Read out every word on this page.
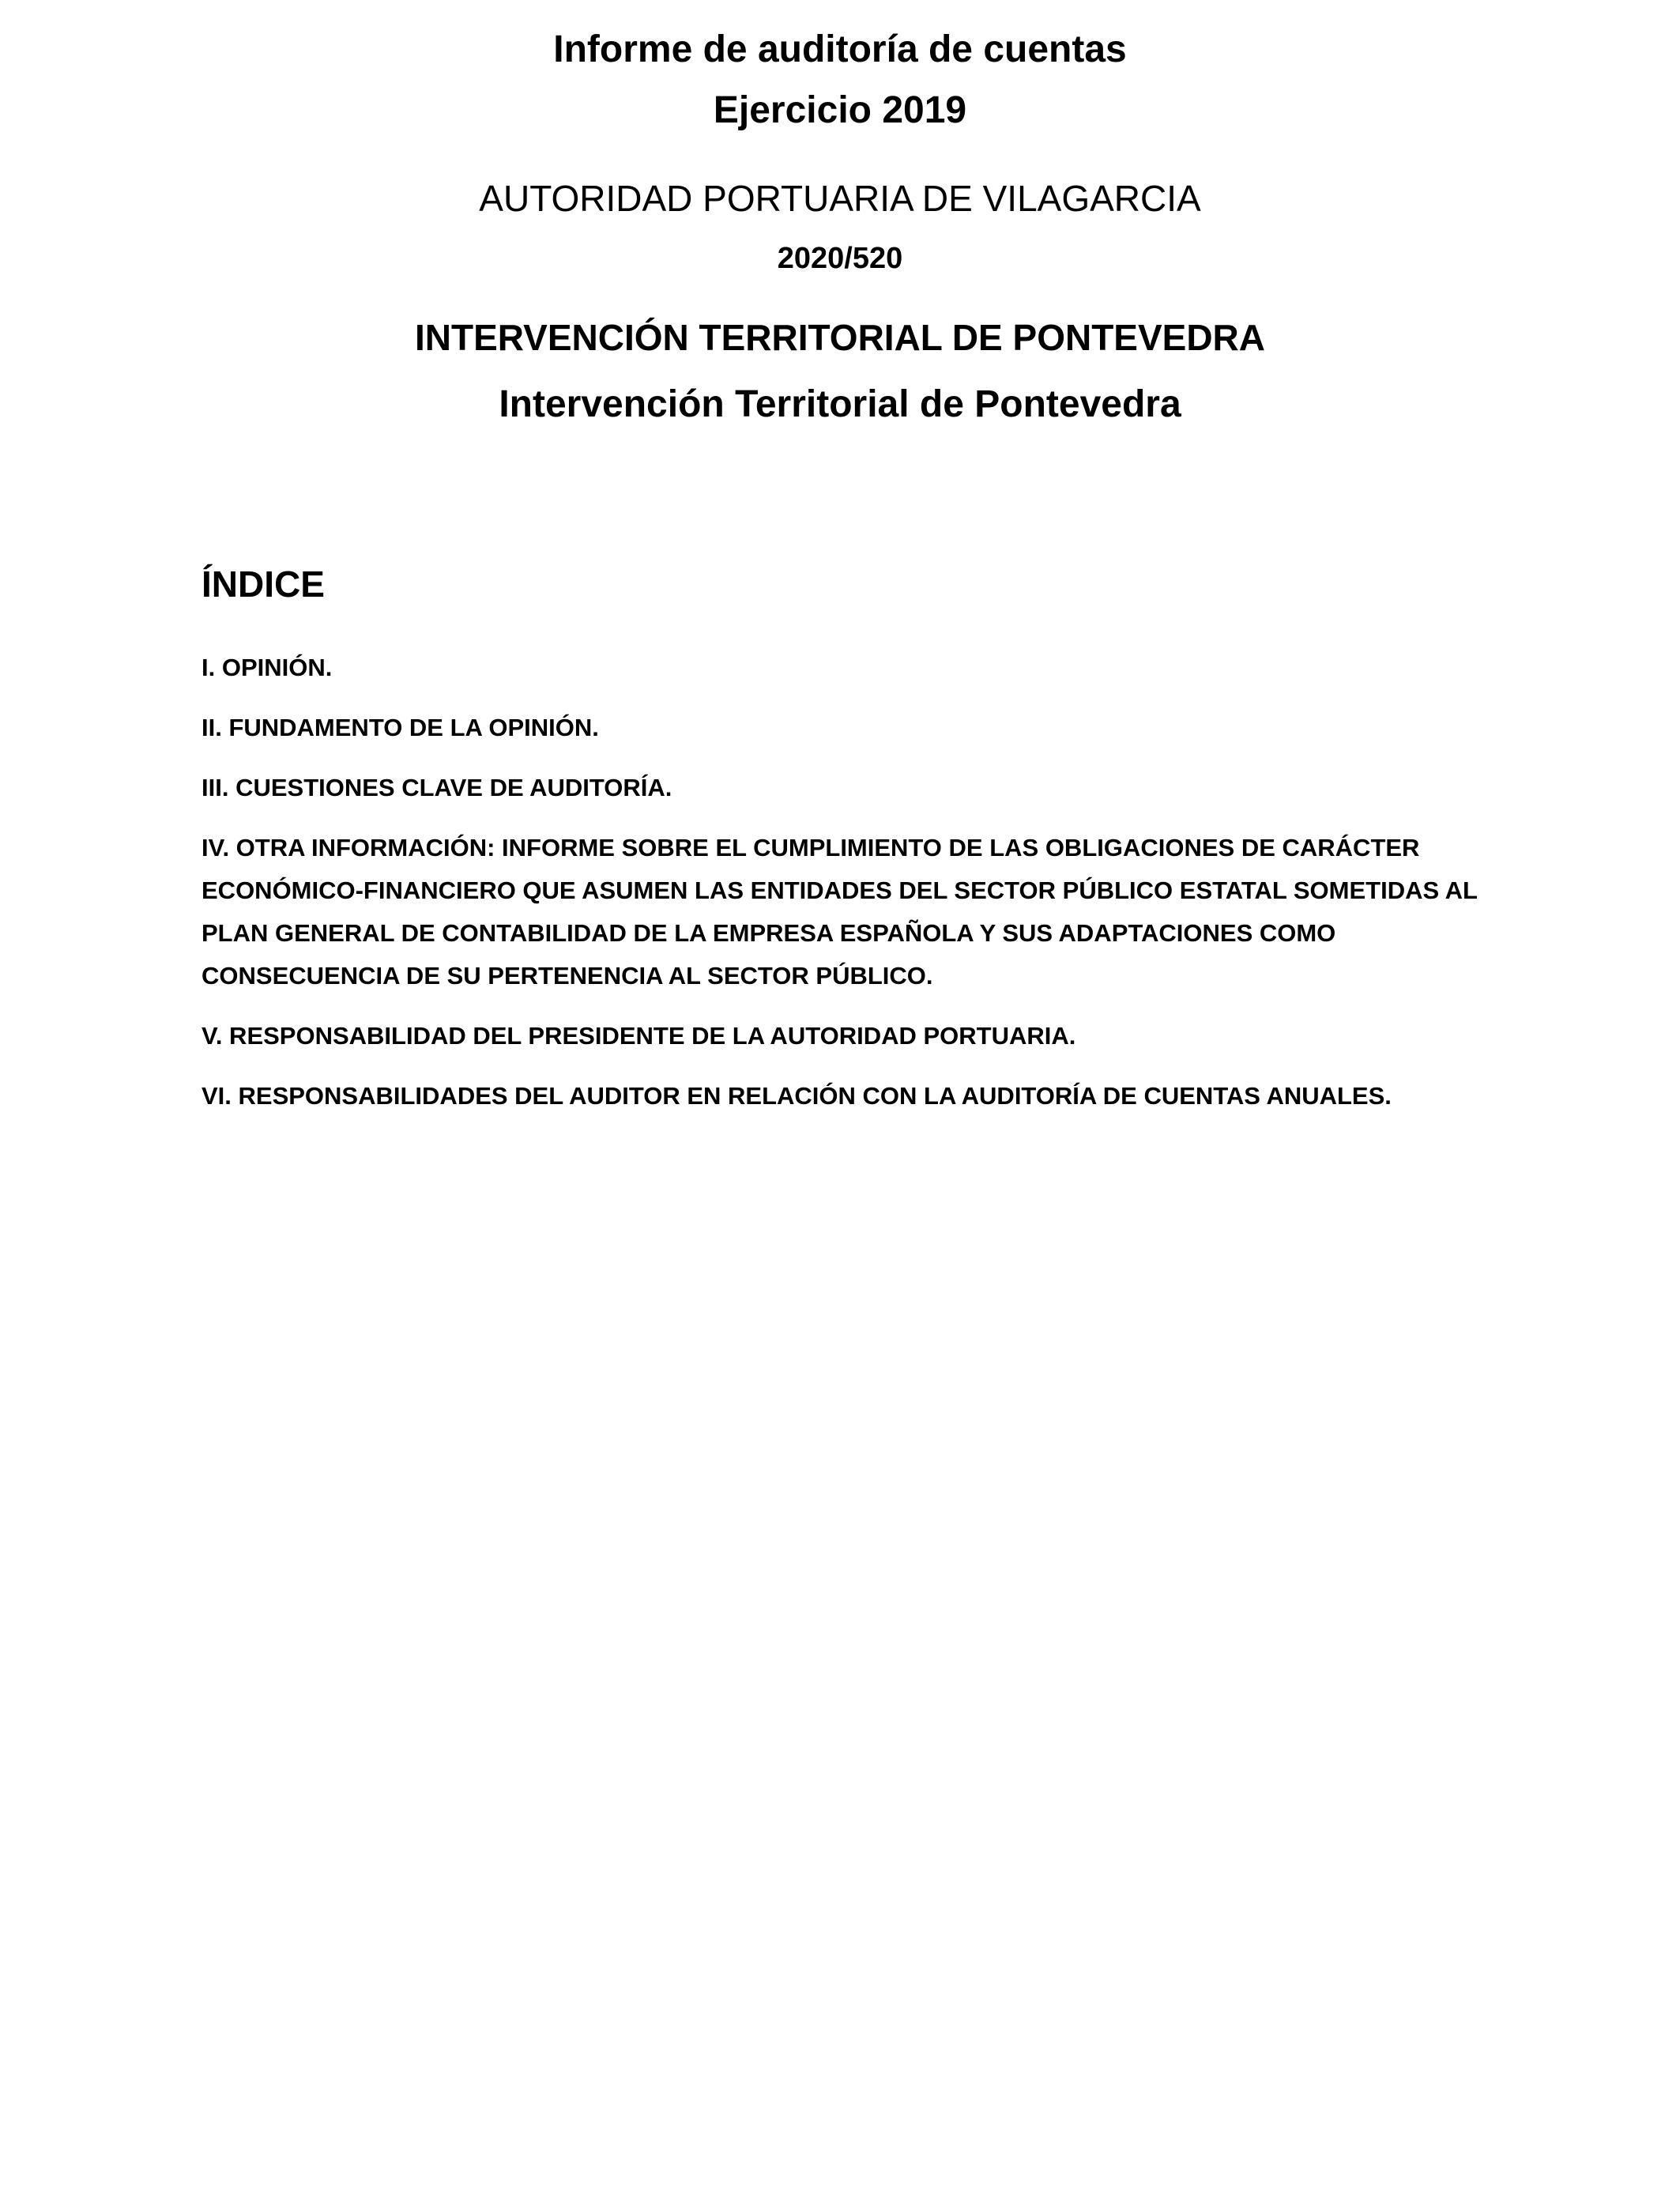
Informe de auditoría de cuentas
Ejercicio 2019
AUTORIDAD PORTUARIA DE VILAGARCIA
2020/520
INTERVENCIÓN TERRITORIAL DE PONTEVEDRA
Intervención Territorial de Pontevedra
ÍNDICE
I. OPINIÓN.
II. FUNDAMENTO DE LA OPINIÓN.
III. CUESTIONES CLAVE DE AUDITORÍA.
IV. OTRA INFORMACIÓN: INFORME SOBRE EL CUMPLIMIENTO DE LAS OBLIGACIONES DE CARÁCTER ECONÓMICO-FINANCIERO QUE ASUMEN LAS ENTIDADES DEL SECTOR PÚBLICO ESTATAL SOMETIDAS AL PLAN GENERAL DE CONTABILIDAD DE LA EMPRESA ESPAÑOLA Y SUS ADAPTACIONES COMO CONSECUENCIA DE SU PERTENENCIA AL SECTOR PÚBLICO.
V. RESPONSABILIDAD DEL PRESIDENTE DE LA AUTORIDAD PORTUARIA.
VI. RESPONSABILIDADES DEL AUDITOR EN RELACIÓN CON LA AUDITORÍA DE CUENTAS ANUALES.
